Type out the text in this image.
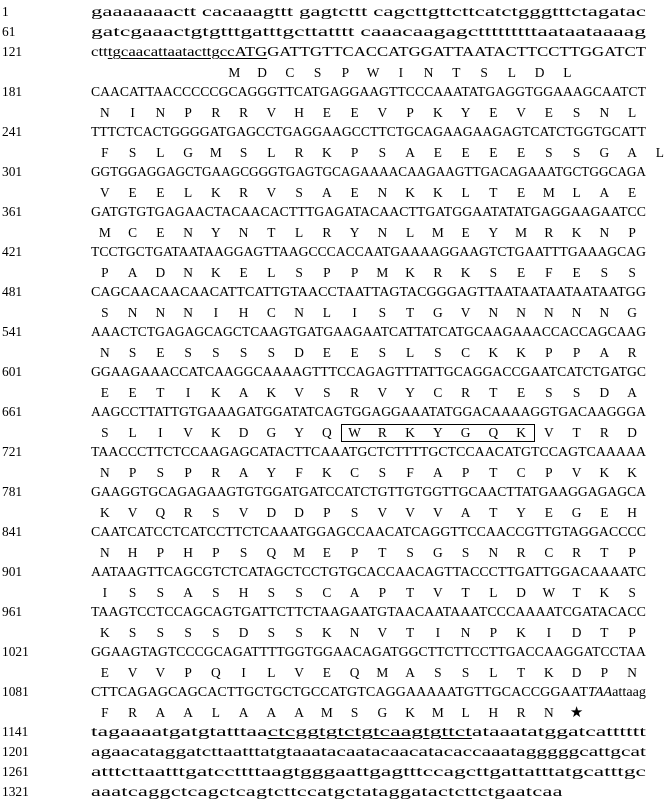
1	gaaaaaaactt cacaaagttt gagtcttt cagcttgttcttcatctgggtttctagatac
61	gatcgaaactgtgtttgatttgcttatttt caaacaagagctttttttttaataataaaag
121	ctttgcaacattaatacttgccATGGATTGTTCACCATGGATTAATACTTCCTTGGATCT
M	D	C	S	P	W	I	N	T	S	L	D	L
181	CAACATTAACCCCCGCAGGGTTCATGAGGAAGTTCCCAAATATGAGGTGGAAAGCAATCT
N	I	N	P	R	R	V	H	E	E	V	P	K	Y	E	V	E	S	N	L
241	TTTCTCACTGGGGATGAGCCTGAGGAAGCCTTCTGCAGAAGAAGAGTCATCTGGTGCATT
F	S	L	G	M	S	L	R	K	P	S	A	E	E	E	E	S	S	G	A	L
301	GGTGGAGGAGCTGAAGCGGGTGAGTGCAGAAAACAAGAAGTTGACAGAAATGCTGGCAGA
V	E	E	L	K	R	V	S	A	E	N	K	K	L	T	E	M	L	A	E
361	GATGTGTGAGAACTACAACACTTTGAGATACAACTTGATGGAATATATGAGGAAGAATCC
M	C	E	N	Y	N	T	L	R	Y	N	L	M	E	Y	M	R	K	N	P
421	TCCTGCTGATAATAAGGAGTTAAGCCCACCAATGAAAAGGAAGTCTGAATTTGAAAGCAG
P	A	D	N	K	E	L	S	P	P	M	K	R	K	S	E	F	E	S	S
481	CAGCAACAACAACATTCATTGTAACCTAATTAGTACGGGAGTTAATAATAATAATAATGG
S	N	N	N	I	H	C	N	L	I	S	T	G	V	N	N	N	N	N	G
541	AAACTCTGAGAGCAGCTCAAGTGATGAAGAATCATTATCATGCAAGAAACCACCAGCAAG
N	S	E	S	S	S	S	D	E	E	S	L	S	C	K	K	P	P	A	R
601	GGAAGAAACCATCAAGGCAAAAGTTTCCAGAGTTTATTGCAGGACCGAATCATCTGATGC
E	E	T	I	K	A	K	V	S	R	V	Y	C	R	T	E	S	S	D	A
661	AAGCCTTATTGTGAAAGATGGATATCAGTGGAGGAAATATGGACAAAAGGTGACAAGGGA
S	L	I	V	K	D	G	Y	Q	W	R	K	Y	G	Q	K	V	T	R	D
721	TAACCCTTCTCCAAGAGCATACTTCAAATGCTCTTTTGCTCCAACATGTCCAGTCAAAAA
N	P	S	P	R	A	Y	F	K	C	S	F	A	P	T	C	P	V	K	K
781	GAAGGTGCAGAGAAGTGTGGATGATCCATCTGTTGTGGTTGCAACTTATGAAGGAGAGCA
K	V	Q	R	S	V	D	D	P	S	V	V	V	A	T	Y	E	G	E	H
841	CAATCATCCTCATCCTTCTCAAATGGAGCCAACATCAGGTTCCAACCGTTGTAGGACCCC
N	H	P	H	P	S	Q	M	E	P	T	S	G	S	N	R	C	R	T	P
901	AATAAGTTCAGCGTCTCATAGCTCCTGTGCACCAACAGTTACCCTTGATTGGACAAAATC
I	S	S	A	S	H	S	S	C	A	P	T	V	T	L	D	W	T	K	S
961	TAAGTCCTCCAGCAGTGATTCTTCTAAGAATGTAACAATAAATCCCAAAATCGATACACC
K	S	S	S	S	D	S	S	K	N	V	T	I	N	P	K	I	D	T	P
1021	GGAAGTAGTCCCGCAGATTTTGGTGGAACAGATGGCTTCTTCCTTGACCAAGGATCCTAA
E	V	V	P	Q	I	L	V	E	Q	M	A	S	S	L	T	K	D	P	N
1081	CTTCAGAGCAGCACTTGCTGCTGCCATGTCAGGAAAAATGTTGCACCGGAATTAAattaag
F	R	A	A	L	A	A	A	M	S	G	K	M	L	H	R	N	★
1141	tagaaaatgatgtatttaactcggtgtctgtcaagtgttctataaatatggatcatttttt
1201	agaacataggatcttaatttatgtaaatacaatacaacatacaccaaatagggggcattgcat
1261	atttcttaatttgatccttttaagtgggaattgagtttccagcttgattatttatgcatttgc
1321	aaatcaggctcagctcagtcttccatgctataggatactcttctgaatcaa
